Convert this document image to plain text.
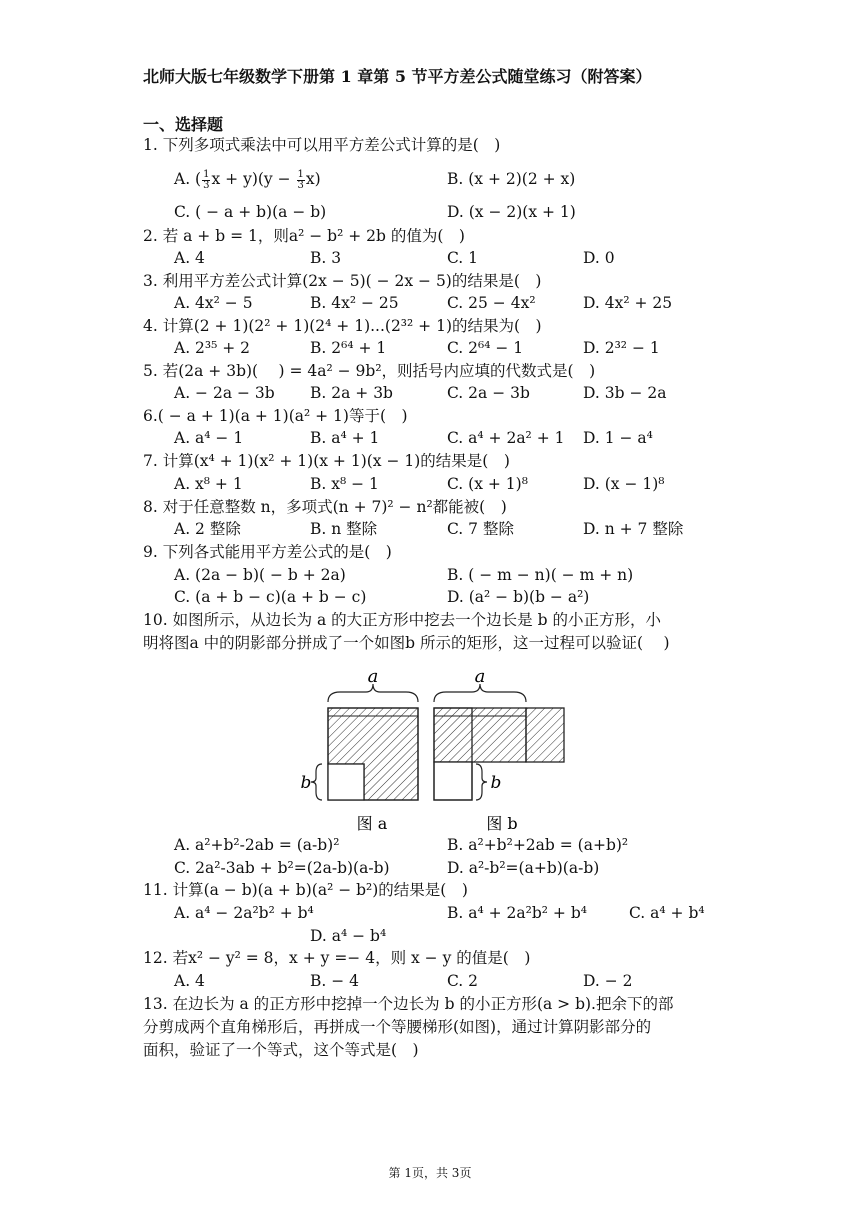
北师大版七年级数学下册第 1 章第 5 节平方差公式随堂练习（附答案）
一、选择题
1. 下列多项式乘法中可以用平方差公式计算的是(　)
A. ( $\frac{1}{3}$ $x + y)(y - \frac{1}{3} x)$	B. (x + 2)(2 + x)
C. ( − a + b)(a − b)	D. (x − 2)(x + 1)
2. 若 a + b = 1，则a² − b² + 2b 的值为(　)
A. 4	B. 3	C. 1	D. 0
3. 利用平方差公式计算(2x − 5)( − 2x − 5)的结果是(　)
A. 4x² − 5	B. 4x² − 25	C. 25 − 4x²	D. 4x² + 25
4. 计算(2 + 1)(2² + 1)(2⁴ + 1)...(2³² + 1)的结果为(　)
A. 2³⁵ + 2	B. 2⁶⁴ + 1	C. 2⁶⁴ − 1	D. 2³² − 1
5. 若(2a + 3b)(　 ) = 4a² − 9b²，则括号内应填的代数式是(　)
A. − 2a − 3b B. 2a + 3b	C. 2a − 3b	D. 3b − 2a
6.( − a + 1)(a + 1)(a² + 1)等于(　)
A. a⁴ − 1	B. a⁴ + 1	C. a⁴ + 2a² + 1 D. 1 − a⁴
7. 计算(x⁴ + 1)(x² + 1)(x + 1)(x − 1)的结果是(　)
A. x⁸ + 1	B. x⁸ − 1	C. (x + 1)⁸	D. (x − 1)⁸
8. 对于任意整数 n，多项式(n + 7)² − n²都能被(　)
A. 2 整除	B. n 整除	C. 7 整除	D. n + 7 整除
9. 下列各式能用平方差公式的是(　)
A. (2a − b)( − b + 2a)	B. ( − m − n)( − m + n)
C. (a + b − c)(a + b − c)	D. (a² − b)(b − a²)
10. 如图所示，从边长为 a 的大正方形中挖去一个边长是 b 的小正方形，小
明将图a 中的阴影部分拼成了一个如图b 所示的矩形，这一过程可以验证(　 )
a
b
图 a
a
b
图 b
A. a²+b²-2ab = (a-b)²	B. a²+b²+2ab = (a+b)²
C. 2a²-3ab + b²=(2a-b)(a-b)	D. a²-b²=(a+b)(a-b)
11. 计算(a − b)(a + b)(a² − b²)的结果是(　)
A. a⁴ − 2a²b² + b⁴	B. a⁴ + 2a²b² + b⁴	C. a⁴ + b⁴
D. a⁴ − b⁴
12. 若x² − y² = 8，x + y =− 4，则 x − y 的值是(　)
A. 4	B. − 4	C. 2	D. − 2
13. 在边长为 a 的正方形中挖掉一个边长为 b 的小正方形(a > b).把余下的部
分剪成两个直角梯形后，再拼成一个等腰梯形(如图)，通过计算阴影部分的
面积，验证了一个等式，这个等式是(　)
第 1页，共 3页
